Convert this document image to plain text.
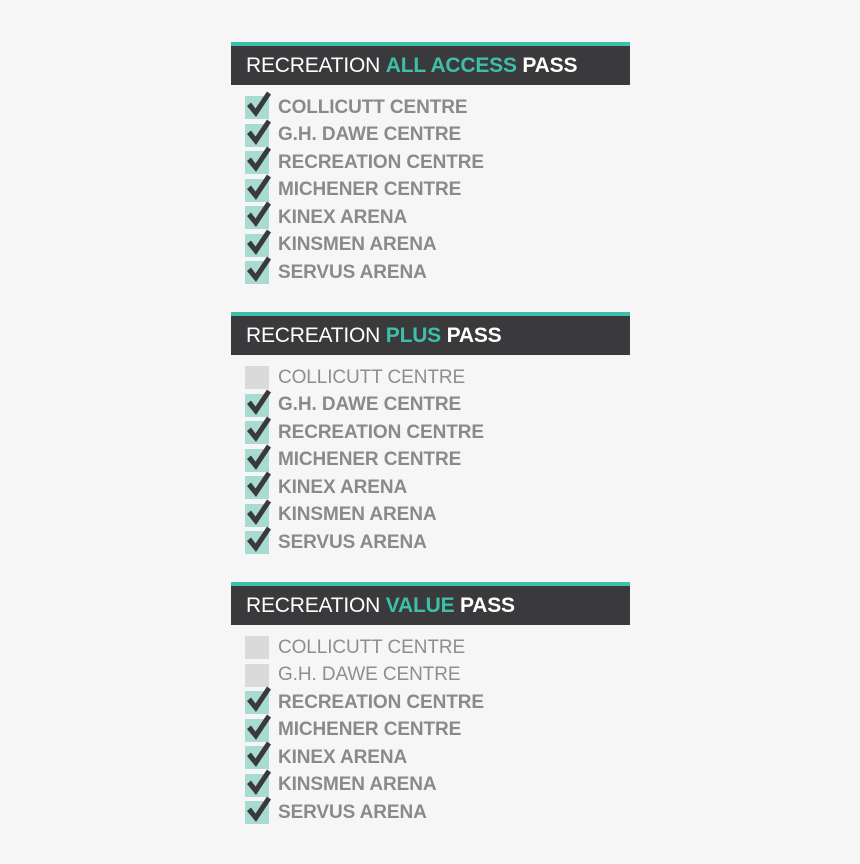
RECREATION ALL ACCESS PASS
COLLICUTT CENTRE
G.H. DAWE CENTRE
RECREATION CENTRE
MICHENER CENTRE
KINEX ARENA
KINSMEN ARENA
SERVUS ARENA
RECREATION PLUS PASS
COLLICUTT CENTRE
G.H. DAWE CENTRE
RECREATION CENTRE
MICHENER CENTRE
KINEX ARENA
KINSMEN ARENA
SERVUS ARENA
RECREATION VALUE PASS
COLLICUTT CENTRE
G.H. DAWE CENTRE
RECREATION CENTRE
MICHENER CENTRE
KINEX ARENA
KINSMEN ARENA
SERVUS ARENA
